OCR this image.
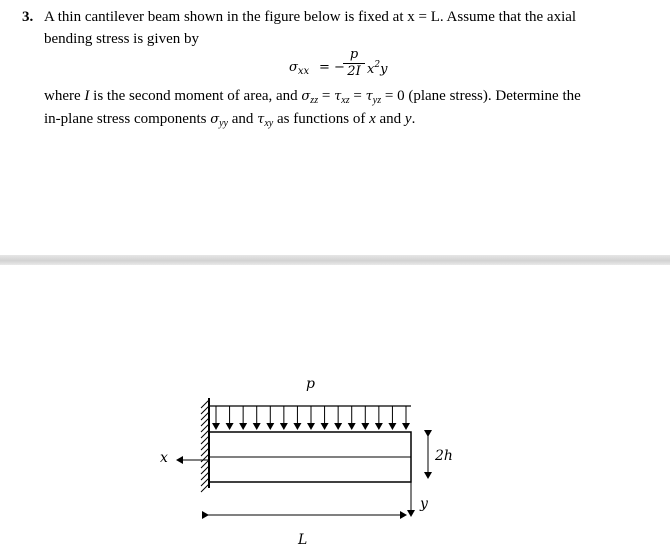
3. A thin cantilever beam shown in the figure below is fixed at x = L. Assume that the axial
bending stress is given by
$\sigma_{xx}$ = −
p
2I $x^2y$
where I is the second moment of area, and $\sigma_{zz} = \tau_{xz} = \tau_{yz} = 0$ (plane stress). Determine the
in-plane stress components $\sigma_{yy}$ and $\tau_{xy}$ as functions of x and y.
p
2h
x
y
L
